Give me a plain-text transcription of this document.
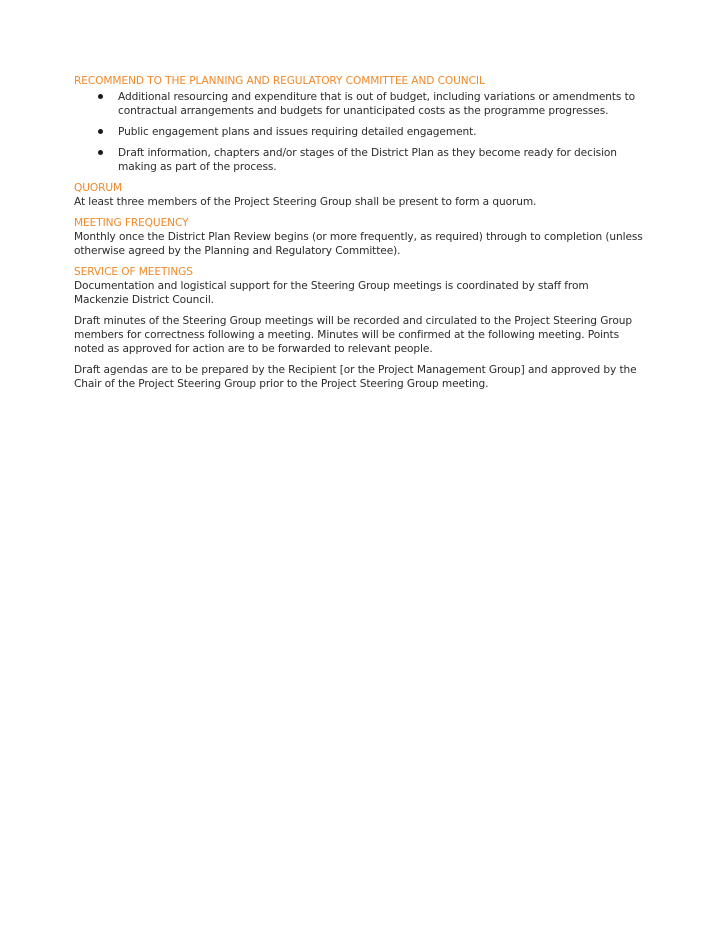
RECOMMEND TO THE PLANNING AND REGULATORY COMMITTEE AND COUNCIL

Additional resourcing and expenditure that is out of budget, including variations or amendments to contractual arrangements and budgets for unanticipated costs as the programme progresses.
Public engagement plans and issues requiring detailed engagement.
Draft information, chapters and/or stages of the District Plan as they become ready for decision making as part of the process.

QUORUM

At least three members of the Project Steering Group shall be present to form a quorum.

MEETING FREQUENCY

Monthly once the District Plan Review begins (or more frequently, as required) through to completion (unless otherwise agreed by the Planning and Regulatory Committee).

SERVICE OF MEETINGS

Documentation and logistical support for the Steering Group meetings is coordinated by staff from Mackenzie District Council.

Draft minutes of the Steering Group meetings will be recorded and circulated to the Project Steering Group members for correctness following a meeting. Minutes will be confirmed at the following meeting. Points noted as approved for action are to be forwarded to relevant people.

Draft agendas are to be prepared by the Recipient [or the Project Management Group] and approved by the Chair of the Project Steering Group prior to the Project Steering Group meeting.
